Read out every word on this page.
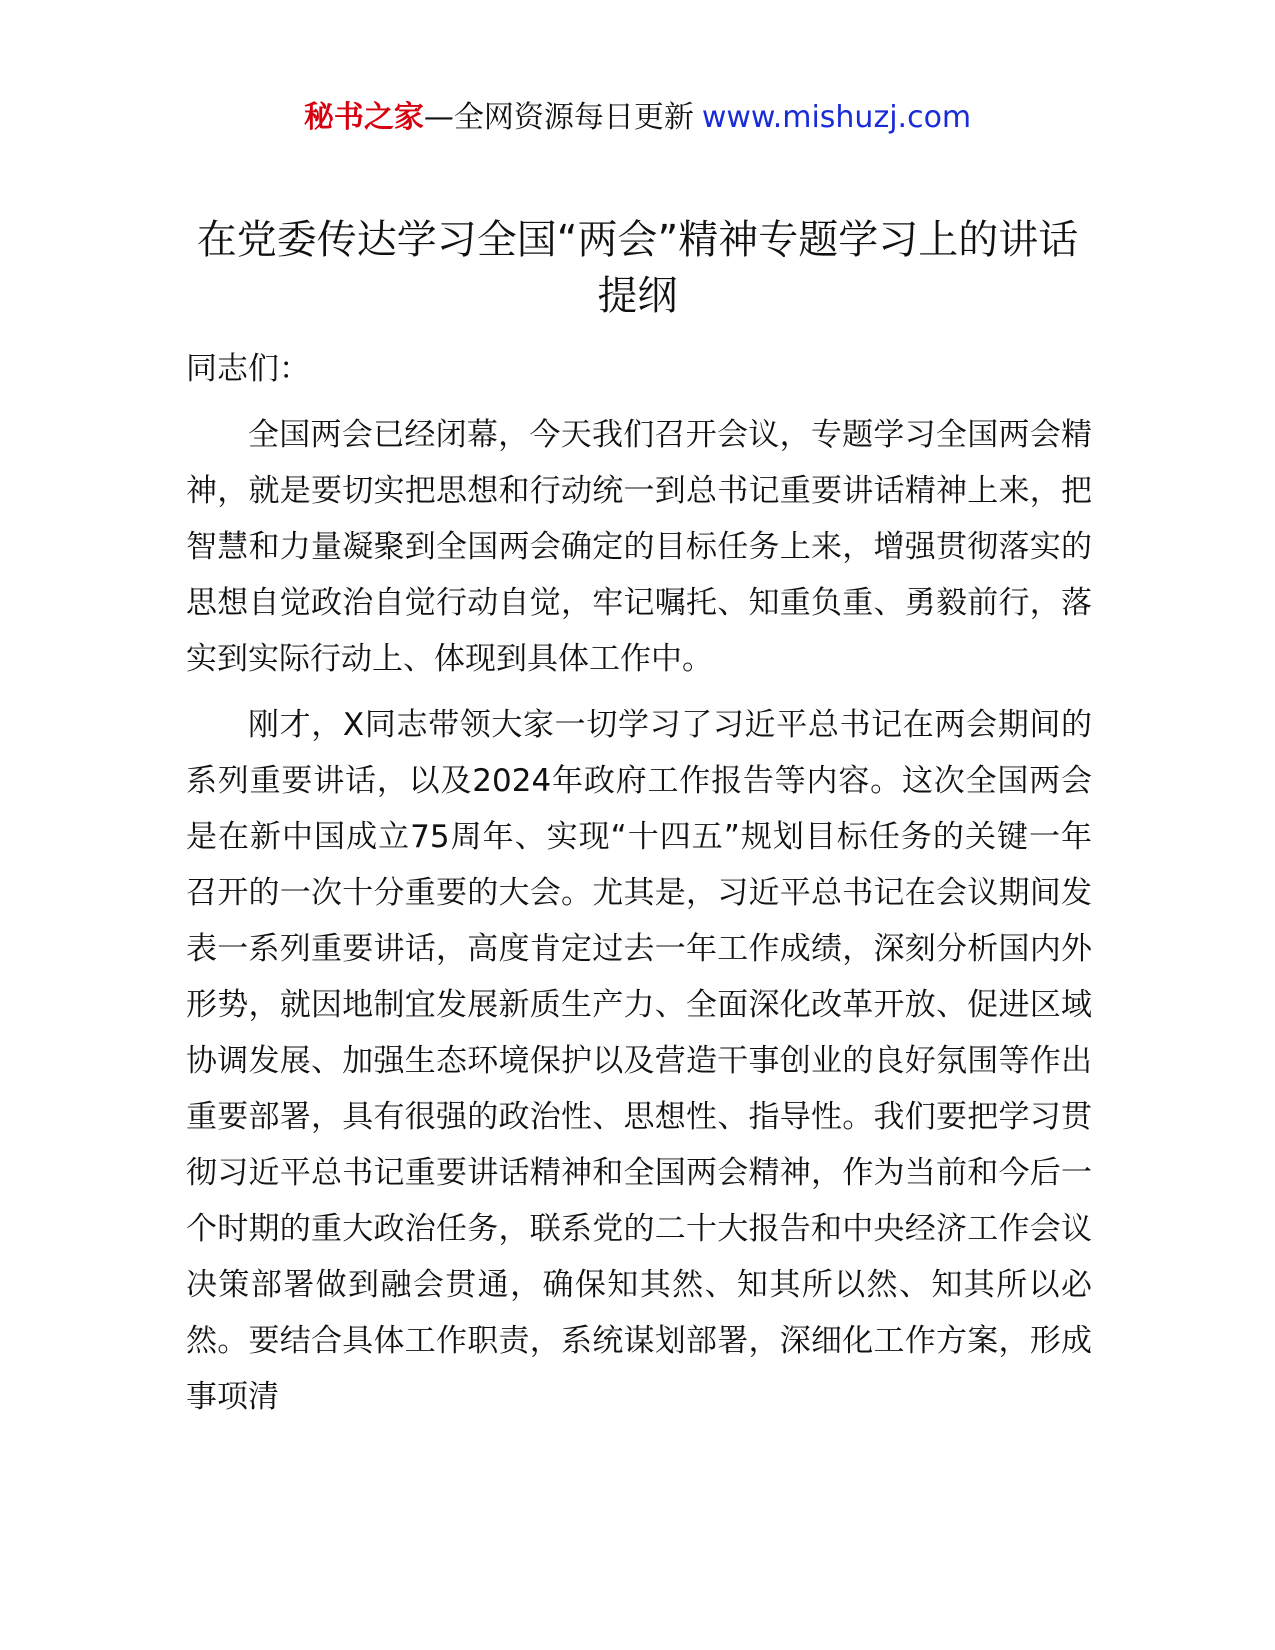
秘书之家—全网资源每日更新 www.mishuzj.com
在党委传达学习全国“两会”精神专题学习上的讲话提纲

同志们：

全国两会已经闭幕，今天我们召开会议，专题学习全国两会精神，就是要切实把思想和行动统一到总书记重要讲话精神上来，把智慧和力量凝聚到全国两会确定的目标任务上来，增强贯彻落实的思想自觉政治自觉行动自觉，牢记嘱托、知重负重、勇毅前行，落实到实际行动上、体现到具体工作中。

刚才，X同志带领大家一切学习了习近平总书记在两会期间的系列重要讲话，以及2024年政府工作报告等内容。这次全国两会是在新中国成立75周年、实现“十四五”规划目标任务的关键一年召开的一次十分重要的大会。尤其是，习近平总书记在会议期间发表一系列重要讲话，高度肯定过去一年工作成绩，深刻分析国内外形势，就因地制宜发展新质生产力、全面深化改革开放、促进区域协调发展、加强生态环境保护以及营造干事创业的良好氛围等作出重要部署，具有很强的政治性、思想性、指导性。我们要把学习贯彻习近平总书记重要讲话精神和全国两会精神，作为当前和今后一个时期的重大政治任务，联系党的二十大报告和中央经济工作会议决策部署做到融会贯通，确保知其然、知其所以然、知其所以必然。要结合具体工作职责，系统谋划部署，深细化工作方案，形成事项清
